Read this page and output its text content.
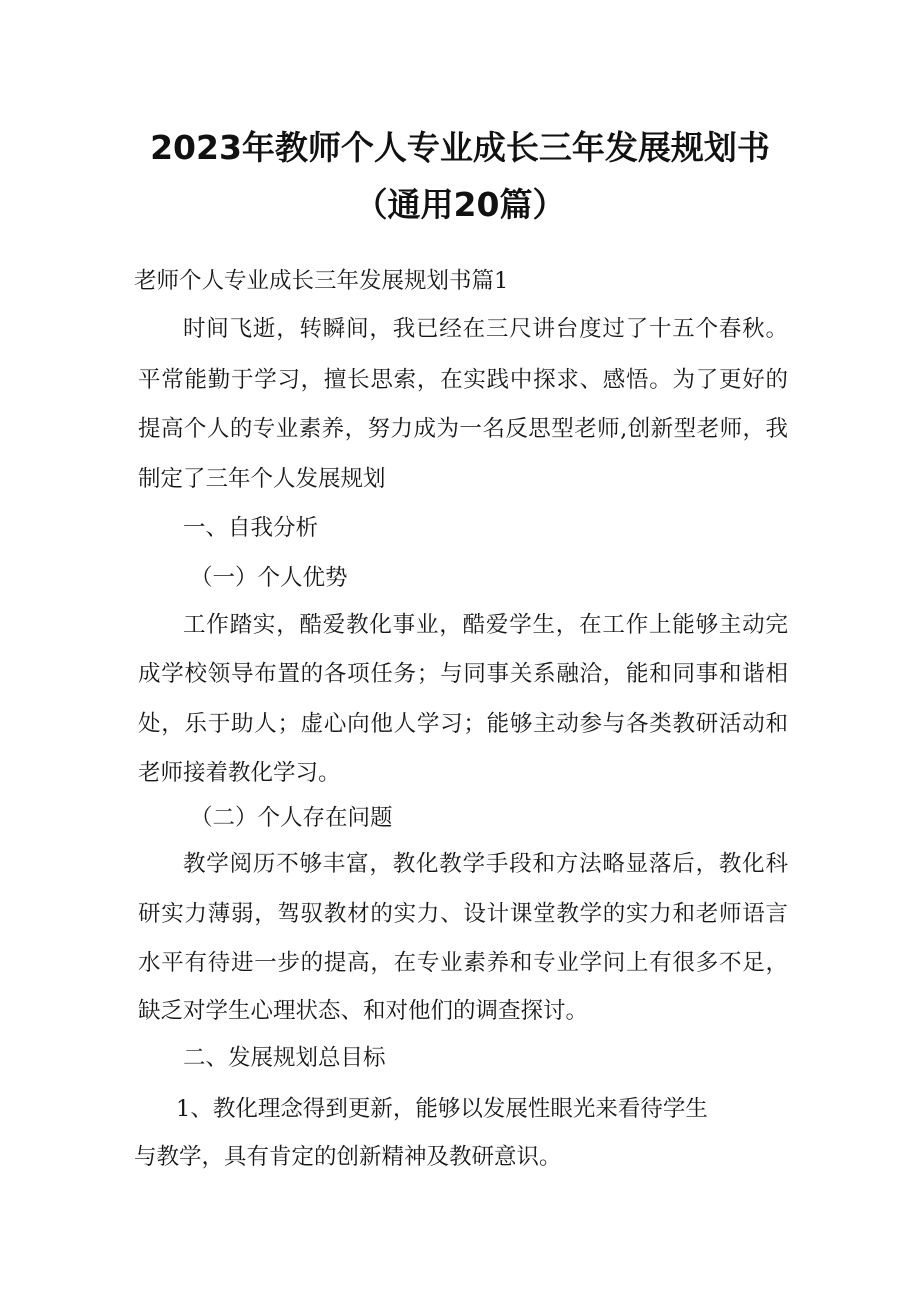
2023年教师个人专业成长三年发展规划书
（通用20篇）
老师个人专业成长三年发展规划书篇1
时间飞逝，转瞬间，我已经在三尺讲台度过了十五个春秋。
平常能勤于学习，擅长思索，在实践中探求、感悟。为了更好的
提高个人的专业素养，努力成为一名反思型老师,创新型老师，我
制定了三年个人发展规划
一、自我分析
（一）个人优势
工作踏实，酷爱教化事业，酷爱学生，在工作上能够主动完
成学校领导布置的各项任务；与同事关系融洽，能和同事和谐相
处，乐于助人；虚心向他人学习；能够主动参与各类教研活动和
老师接着教化学习。
（二）个人存在问题
教学阅历不够丰富，教化教学手段和方法略显落后，教化科
研实力薄弱，驾驭教材的实力、设计课堂教学的实力和老师语言
水平有待进一步的提高，在专业素养和专业学问上有很多不足，
缺乏对学生心理状态、和对他们的调查探讨。
二、发展规划总目标
1、教化理念得到更新，能够以发展性眼光来看待学生
与教学，具有肯定的创新精神及教研意识。
